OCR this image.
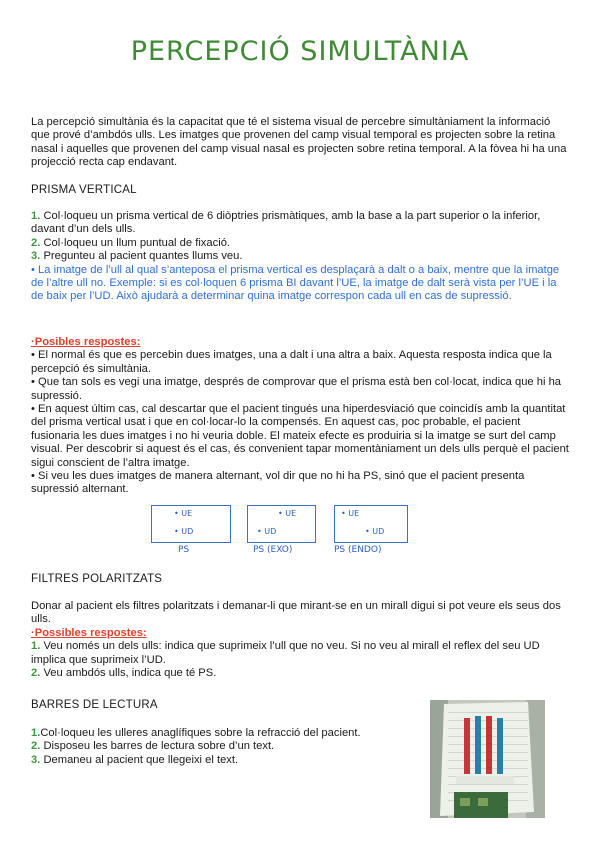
PERCEPCIÓ SIMULTÀNIA

La percepció simultània és la capacitat que té el sistema visual de percebre simultàniament la informació que prové d’ambdós ulls. Les imatges que provenen del camp visual temporal es projecten sobre la retina nasal i aquelles que provenen del camp visual nasal es projecten sobre retina temporal. A la fòvea hi ha una projecció recta cap endavant.

PRISMA VERTICAL

1. Col·loqueu un prisma vertical de 6 diòptries prismàtiques, amb la base a la part superior o la inferior, davant d’un dels ulls.
2. Col·loqueu un llum puntual de fixació.
3. Pregunteu al pacient quantes llums veu.
• La imatge de l’ull al qual s’anteposa el prisma vertical es desplaçarà a dalt o a baix, mentre que la imatge de l’altre ull no. Exemple: si es col·loquen 6 prisma BI davant l’UE, la imatge de dalt serà vista per l’UE i la de baix per l’UD. Això ajudarà a determinar quina imatge correspon cada ull en cas de supressió.
·Posibles respostes:
• El normal és que es percebin dues imatges, una a dalt i una altra a baix. Aquesta resposta indica que la percepció és simultània.
• Que tan sols es vegi una imatge, després de comprovar que el prisma està ben col·locat, indica que hi ha supressió.
• En aquest últim cas, cal descartar que el pacient tingués una hiperdesviació que coincidís amb la quantitat del prisma vertical usat i que en col·locar-lo la compensés. En aquest cas, poc probable, el pacient fusionaria les dues imatges i no hi veuria doble. El mateix efecte es produiria si la imatge se surt del camp visual. Per descobrir si aquest és el cas, és convenient tapar momentàniament un dels ulls perquè el pacient sigui conscient de l’altra imatge.
• Si veu les dues imatges de manera alternant, vol dir que no hi ha PS, sinó que el pacient presenta supressió alternant.
• UE
• UD
• UE
• UD
• UE
• UD
PS	PS (EXO)	PS (ENDO)

FILTRES POLARITZATS

Donar al pacient els filtres polaritzats i demanar-li que mirant-se en un mirall digui si pot veure els seus dos ulls.
·Possibles respostes:
1. Veu només un dels ulls: indica que suprimeix l’ull que no veu. Si no veu al mirall el reflex del seu UD implica que suprimeix l’UD.
2. Veu ambdós ulls, indica que té PS.

BARRES DE LECTURA

1.Col·loqueu les ulleres anaglífiques sobre la refracció del pacient.
2. Disposeu les barres de lectura sobre d’un text.
3. Demaneu al pacient que llegeixi el text.
